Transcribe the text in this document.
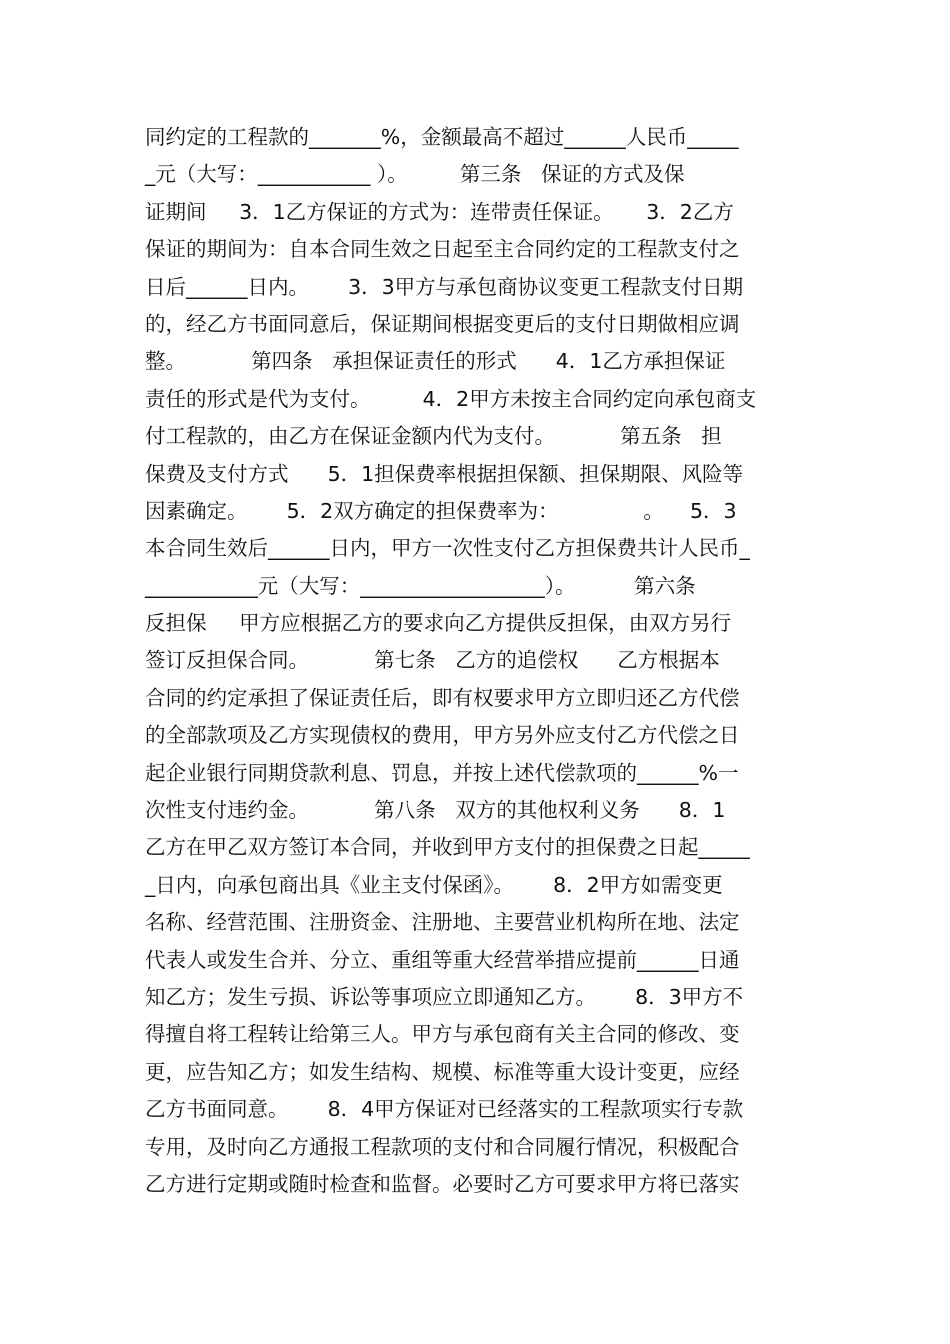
同约定的工程款的_______%，金额最高不超过______人民币_____
_元（大写：___________ ）。        第三条   保证的方式及保
证期间     3．1乙方保证的方式为：连带责任保证。     3．2乙方
保证的期间为：自本合同生效之日起至主合同约定的工程款支付之
日后______日内。      3．3甲方与承包商协议变更工程款支付日期
的，经乙方书面同意后，保证期间根据变更后的支付日期做相应调
整。          第四条   承担保证责任的形式      4．1乙方承担保证
责任的形式是代为支付。        4．2甲方未按主合同约定向承包商支
付工程款的，由乙方在保证金额内代为支付。          第五条   担
保费及支付方式      5．1担保费率根据担保额、担保期限、风险等
因素确定。      5．2双方确定的担保费率为：             。    5．3
本合同生效后______日内，甲方一次性支付乙方担保费共计人民币_
___________元（大写：__________________）。         第六条
反担保     甲方应根据乙方的要求向乙方提供反担保，由双方另行
签订反担保合同。          第七条   乙方的追偿权      乙方根据本
合同的约定承担了保证责任后，即有权要求甲方立即归还乙方代偿
的全部款项及乙方实现债权的费用，甲方另外应支付乙方代偿之日
起企业银行同期贷款利息、罚息，并按上述代偿款项的______%一
次性支付违约金。          第八条   双方的其他权利义务      8．1
乙方在甲乙双方签订本合同，并收到甲方支付的担保费之日起_____
_日内，向承包商出具《业主支付保函》。      8．2甲方如需变更
名称、经营范围、注册资金、注册地、主要营业机构所在地、法定
代表人或发生合并、分立、重组等重大经营举措应提前______日通
知乙方；发生亏损、诉讼等事项应立即通知乙方。      8．3甲方不
得擅自将工程转让给第三人。甲方与承包商有关主合同的修改、变
更，应告知乙方；如发生结构、规模、标准等重大设计变更，应经
乙方书面同意。      8．4甲方保证对已经落实的工程款项实行专款
专用，及时向乙方通报工程款项的支付和合同履行情况，积极配合
乙方进行定期或随时检查和监督。必要时乙方可要求甲方将已落实
